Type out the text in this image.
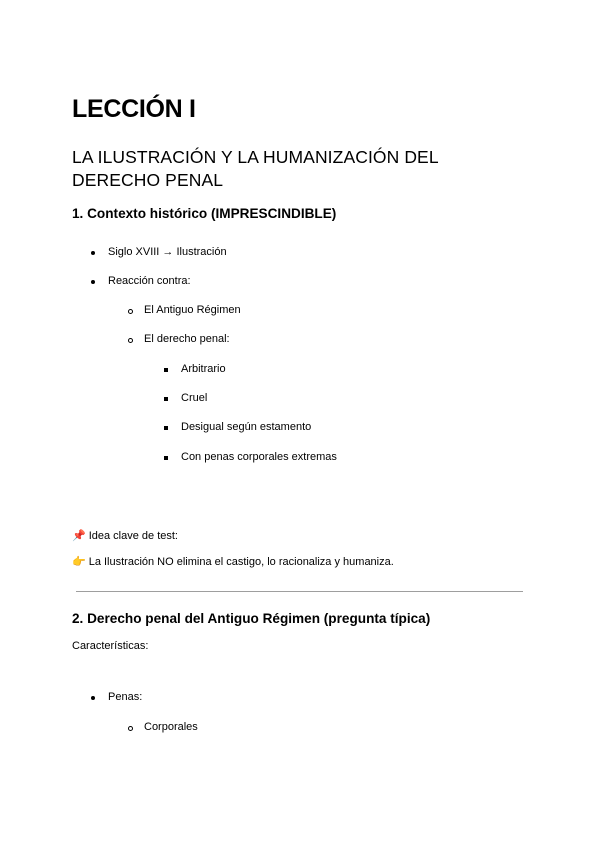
LECCIÓN I
LA ILUSTRACIÓN Y LA HUMANIZACIÓN DEL
DERECHO PENAL
1. Contexto histórico (IMPRESCINDIBLE)
Siglo XVIII → Ilustración
Reacción contra:
El Antiguo Régimen
El derecho penal:
Arbitrario
Cruel
Desigual según estamento
Con penas corporales extremas
📌 Idea clave de test:
👉 La Ilustración NO elimina el castigo, lo racionaliza y humaniza.
2. Derecho penal del Antiguo Régimen (pregunta típica)
Características:
Penas:
Corporales
